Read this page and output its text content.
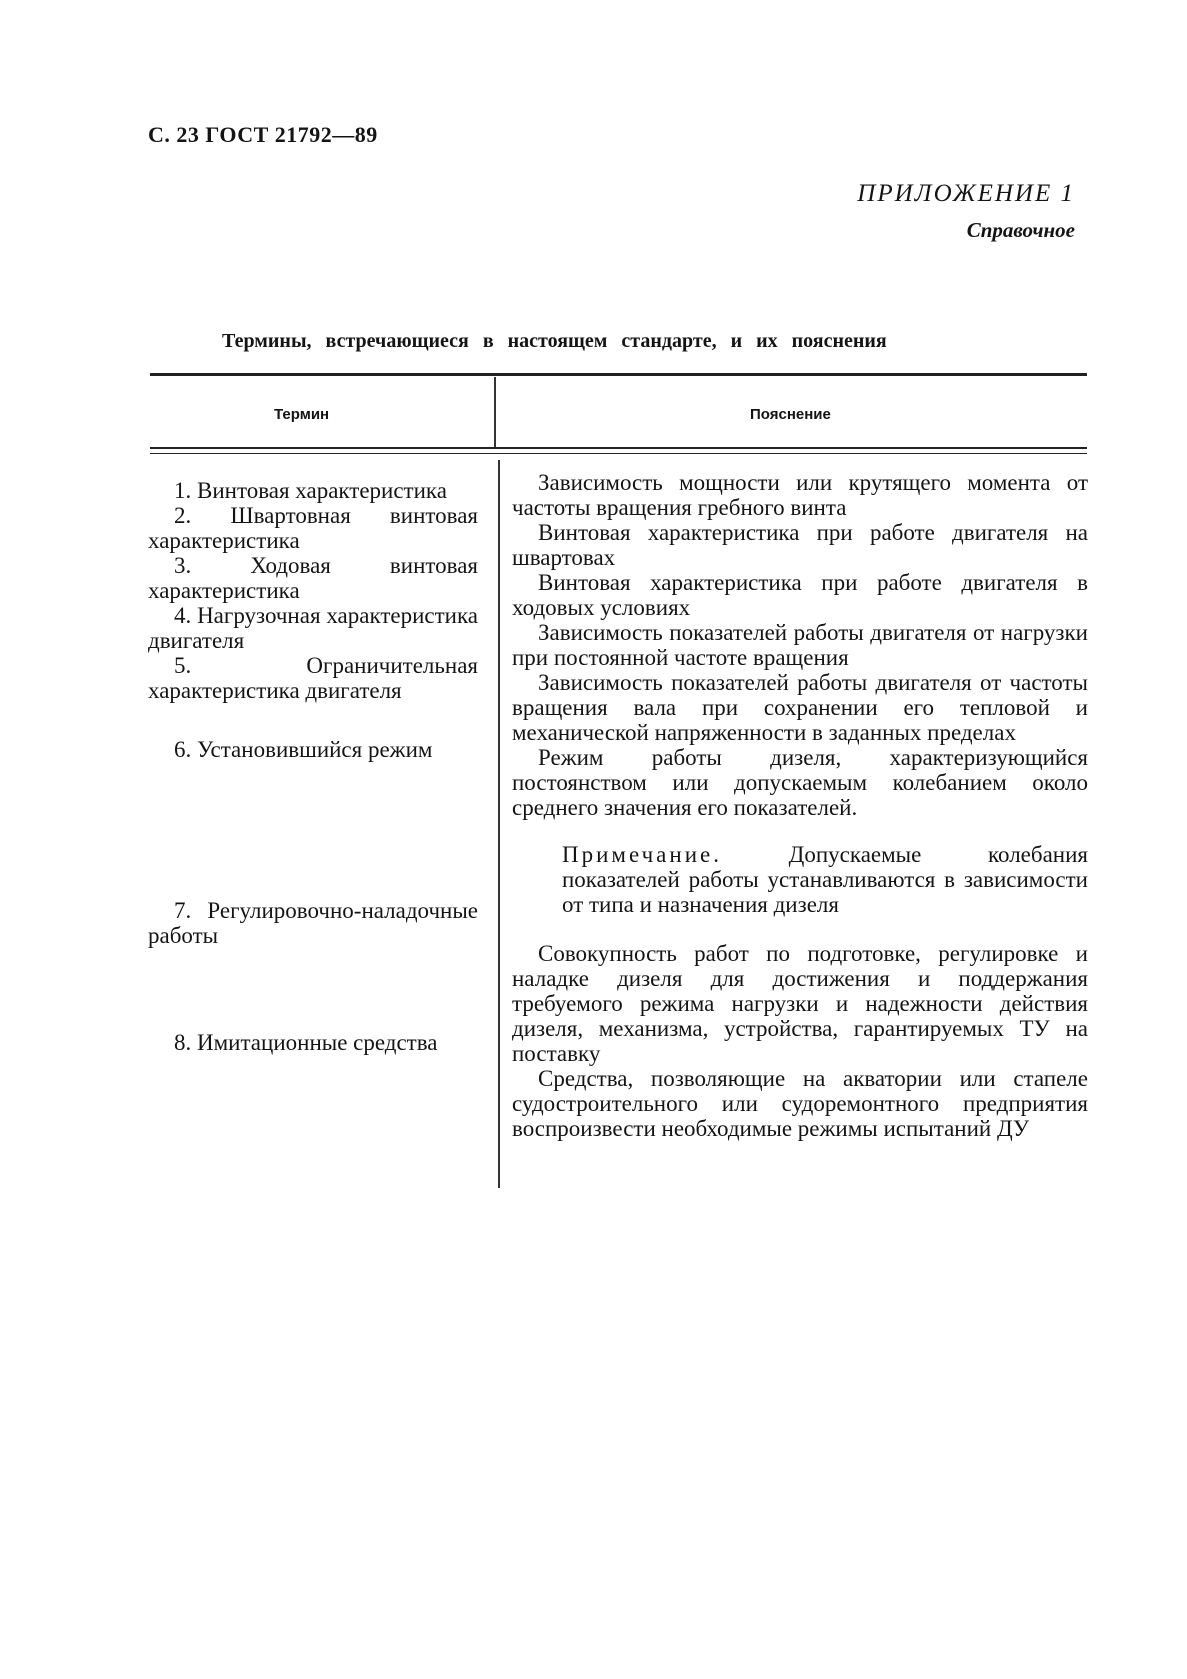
С. 23 ГОСТ 21792—89
ПРИЛОЖЕНИЕ 1
Справочное
Термины, встречающиеся в настоящем стандарте, и их пояснения
Термин	Пояснение
1. Винтовая характеристика
2. Швартовная винтовая характеристика
3. Ходовая винтовая характеристика
4. Нагрузочная характеристика двигателя
5. Ограничительная характеристика двигателя
6. Установившийся режим
7. Регулировочно-наладочные работы
8. Имитационные средства
Зависимость мощности или крутящего момента от частоты вращения гребного винта
Винтовая характеристика при работе двигателя на швартовах
Винтовая характеристика при работе двигателя в ходовых условиях
Зависимость показателей работы двигателя от нагрузки при постоянной частоте вращения
Зависимость показателей работы двигателя от частоты вращения вала при сохранении его тепловой и механической напряженности в заданных пределах
Режим работы дизеля, характеризующийся постоянством или допускаемым колебанием около среднего значения его показателей.
Примечание.	Допускаемые колебания показателей работы устанавливаются в зависимости от типа и назначения дизеля
Совокупность работ по подготовке, регулировке и наладке дизеля для достижения и поддержания требуемого режима нагрузки и надежности действия дизеля, механизма, устройства, гарантируемых ТУ на поставку
Средства, позволяющие на акватории или стапеле судостроительного или судоремонтного предприятия воспроизвести необходимые режимы испытаний ДУ
